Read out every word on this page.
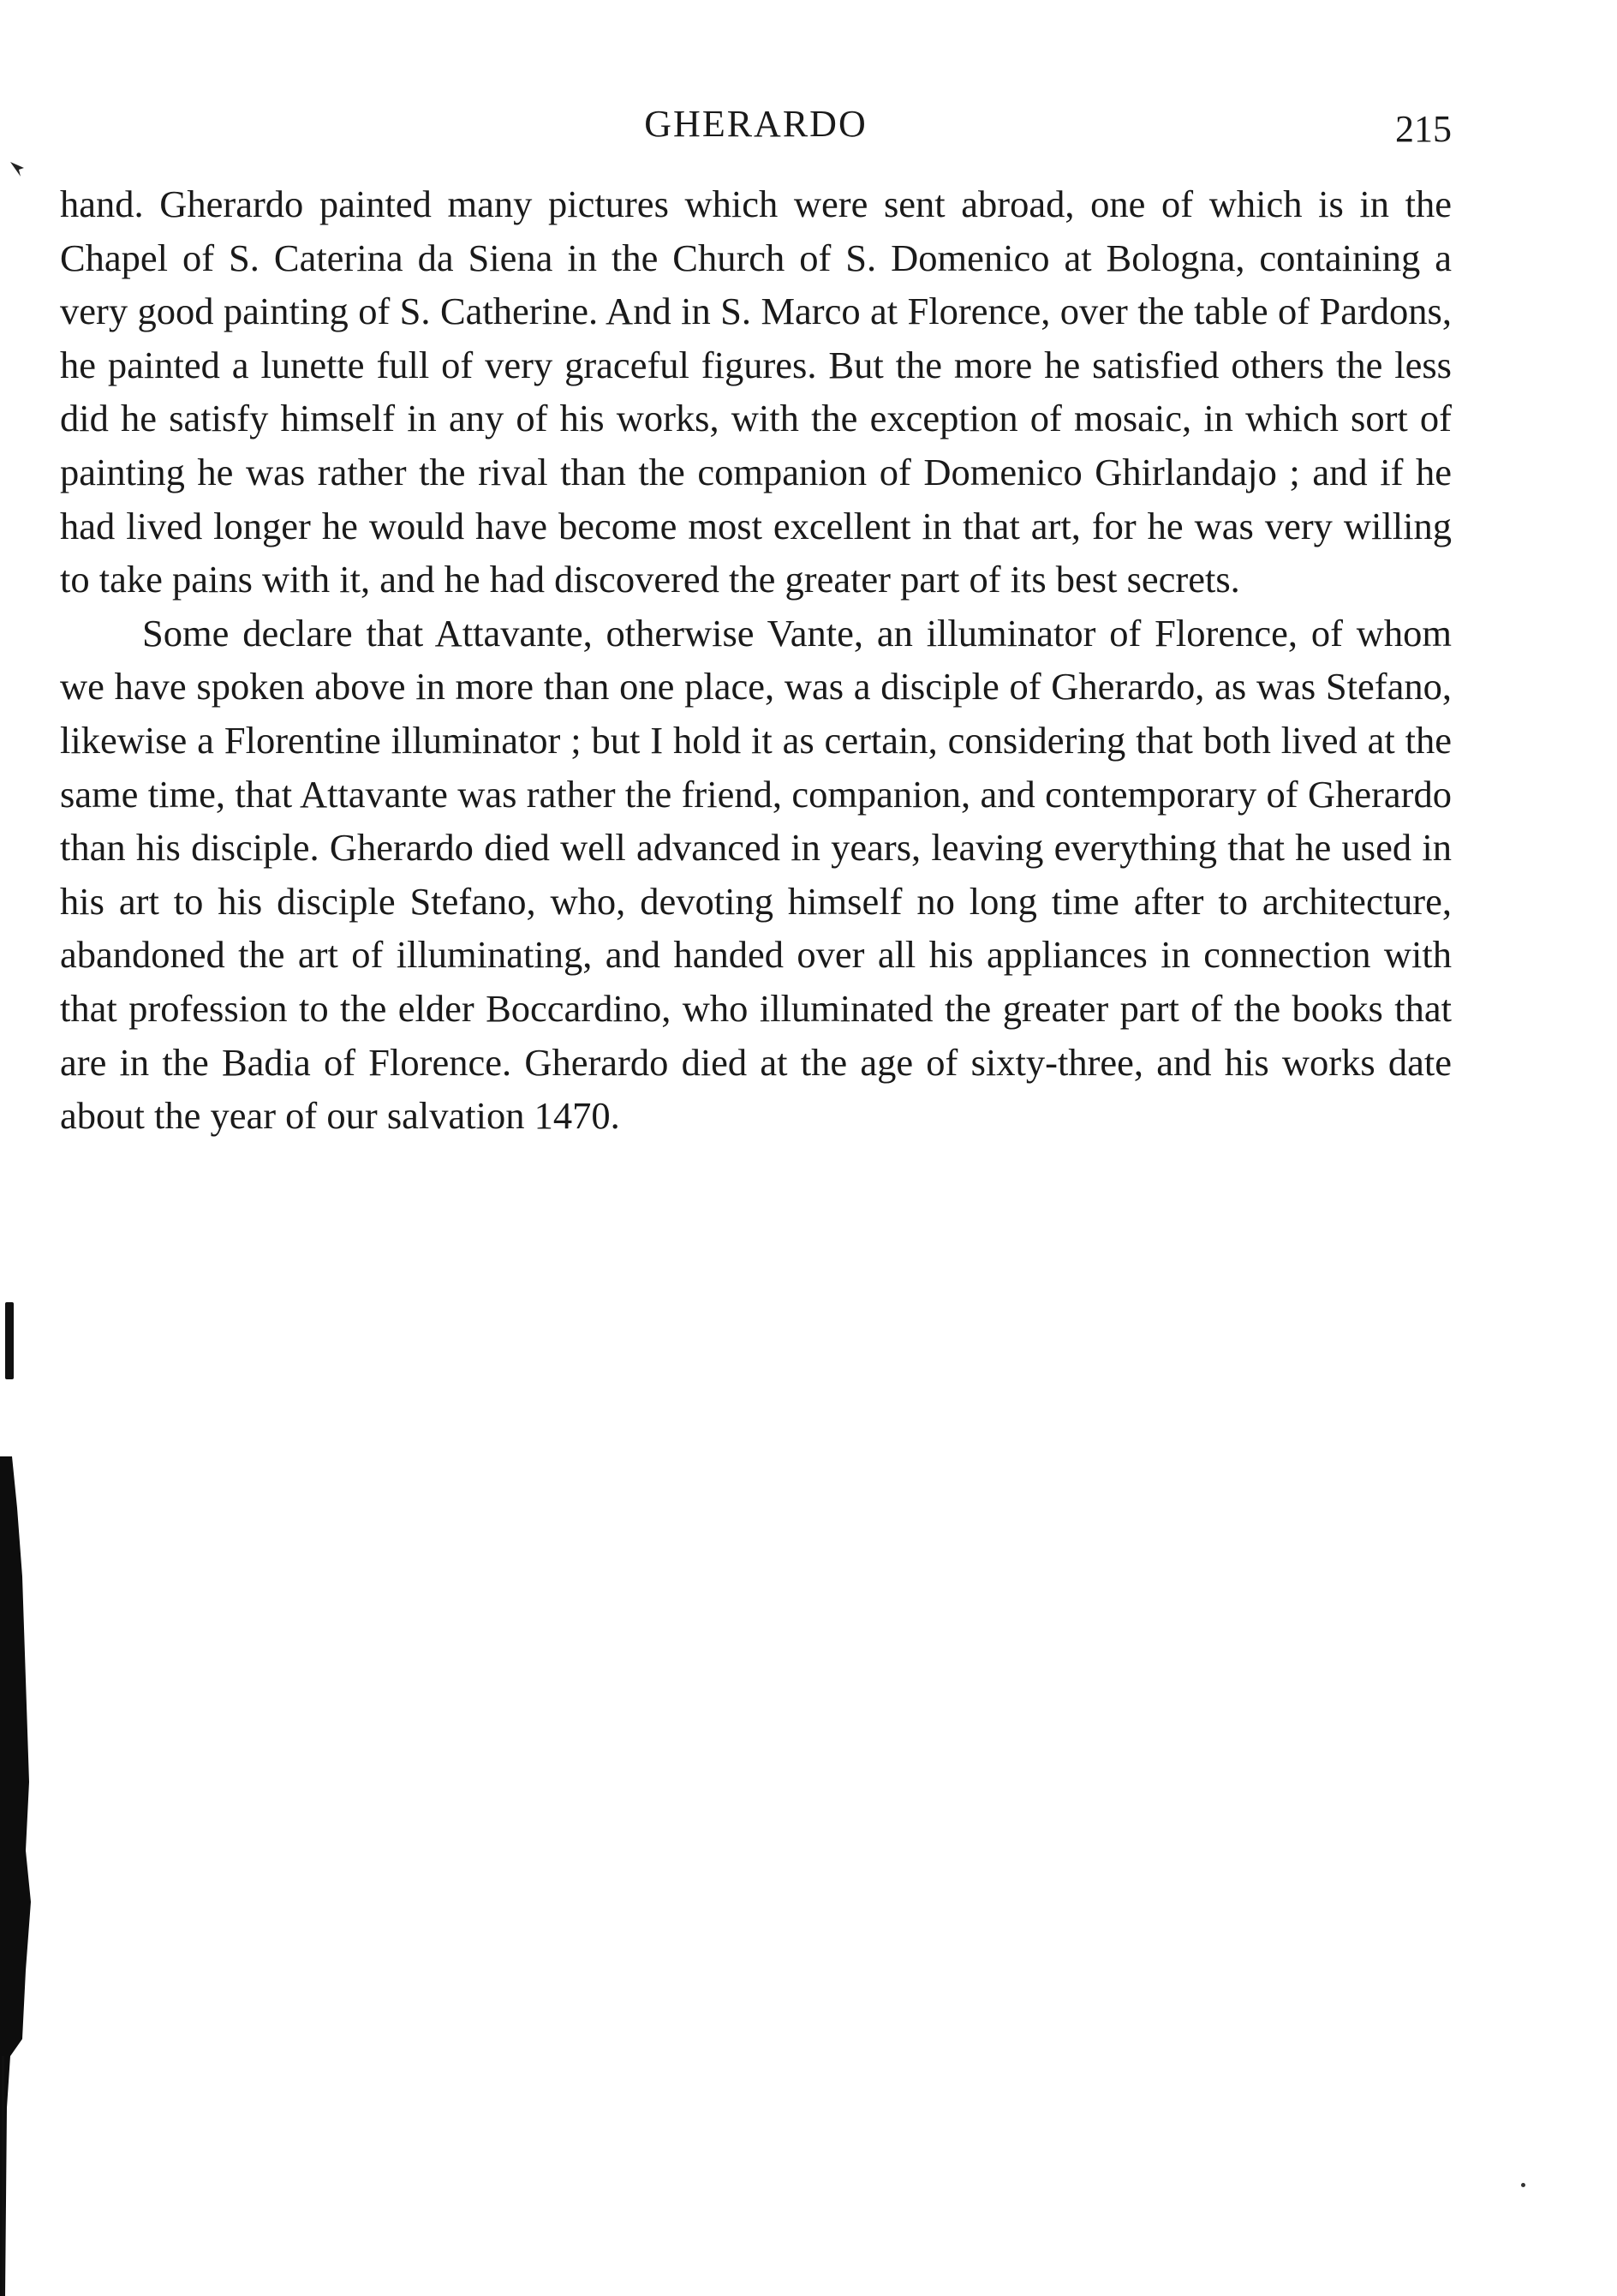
GHERARDO	215

hand. Gherardo painted many pictures which were sent abroad, one of which is in the Chapel of S. Caterina da Siena in the Church of S. Domenico at Bologna, containing a very good painting of S. Catherine. And in S. Marco at Florence, over the table of Pardons, he painted a lunette full of very graceful figures. But the more he satisfied others the less did he satisfy himself in any of his works, with the exception of mosaic, in which sort of painting he was rather the rival than the companion of Domenico Ghirlandajo ; and if he had lived longer he would have become most excellent in that art, for he was very willing to take pains with it, and he had discovered the greater part of its best secrets.

Some declare that Attavante, otherwise Vante, an illuminator of Florence, of whom we have spoken above in more than one place, was a disciple of Gherardo, as was Stefano, likewise a Florentine illuminator ; but I hold it as certain, considering that both lived at the same time, that Attavante was rather the friend, companion, and contemporary of Gherardo than his disciple. Gherardo died well advanced in years, leaving everything that he used in his art to his disciple Stefano, who, devoting himself no long time after to architecture, abandoned the art of illuminating, and handed over all his appliances in connection with that profession to the elder Boccardino, who illuminated the greater part of the books that are in the Badia of Florence. Gherardo died at the age of sixty-three, and his works date about the year of our salvation 1470.
